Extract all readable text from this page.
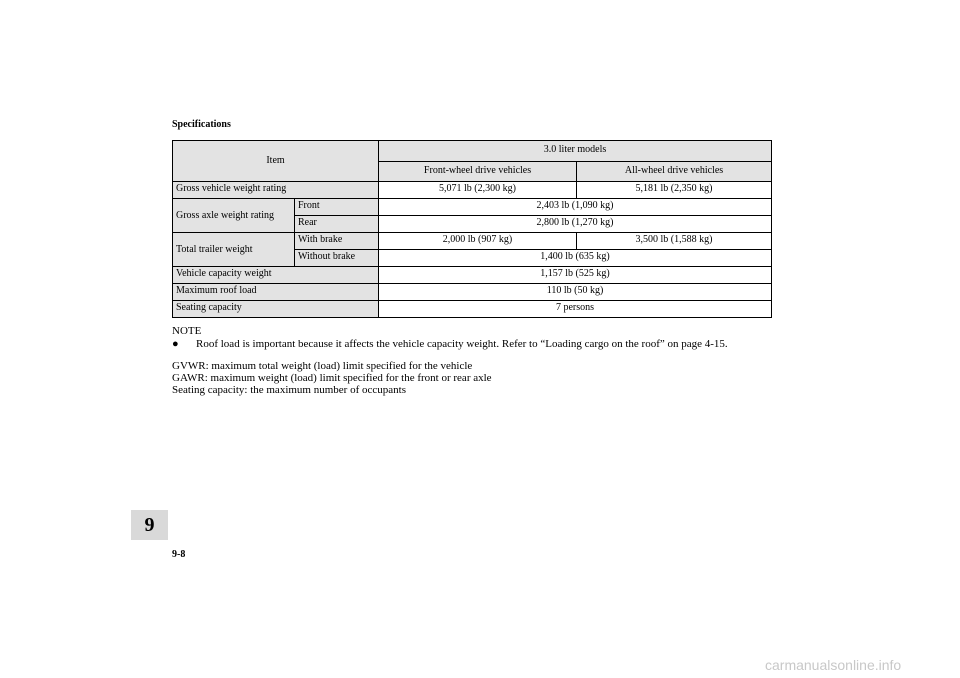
Specifications
Item		3.0 liter models	
		Front-wheel drive vehicles	All-wheel drive vehicles
Gross vehicle weight rating		5,071 lb (2,300 kg)	5,181 lb (2,350 kg)
Gross axle weight rating	Front	2,403 lb (1,090 kg)	
	Rear	2,800 lb (1,270 kg)	
Total trailer weight	With brake	2,000 lb (907 kg)	3,500 lb (1,588 kg)
	Without brake	1,400 lb (635 kg)	
Vehicle capacity weight		1,157 lb (525 kg)	
Maximum roof load		110 lb (50 kg)	
Seating capacity		7 persons	
NOTE
● Roof load is important because it affects the vehicle capacity weight. Refer to “Loading cargo on the roof” on page 4-15.
GVWR: maximum total weight (load) limit specified for the vehicle
GAWR: maximum weight (load) limit specified for the front or rear axle
Seating capacity: the maximum number of occupants
9
9-8
carmanualsonline.info
